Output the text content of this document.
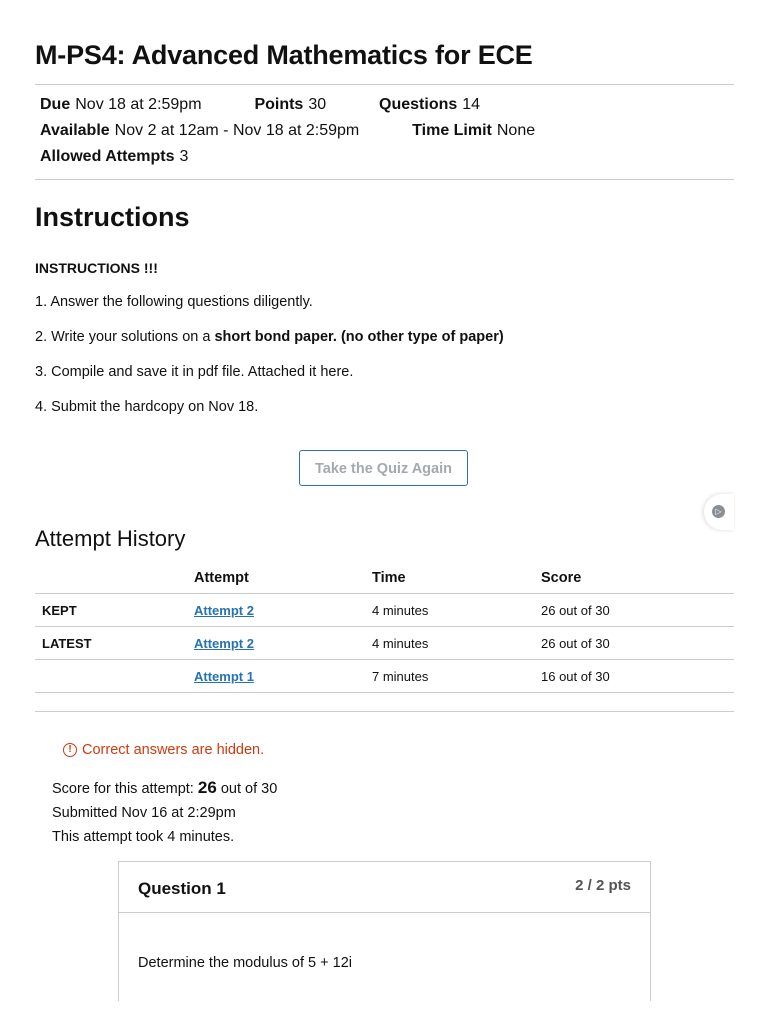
M-PS4: Advanced Mathematics for ECE
Due Nov 18 at 2:59pm	Points 30	Questions 14
Available Nov 2 at 12am - Nov 18 at 2:59pm	Time Limit None
Allowed Attempts 3
Instructions
INSTRUCTIONS !!!
1. Answer the following questions diligently.
2. Write your solutions on a short bond paper. (no other type of paper)
3. Compile and save it in pdf file. Attached it here.
4. Submit the hardcopy on Nov 18.
Take the Quiz Again
Attempt History
	Attempt	Time	Score
KEPT	Attempt 2	4 minutes	26 out of 30
LATEST	Attempt 2	4 minutes	26 out of 30
	Attempt 1	7 minutes	16 out of 30
! Correct answers are hidden.
Score for this attempt: 26 out of 30
Submitted Nov 16 at 2:29pm
This attempt took 4 minutes.
Question 1	2 / 2 pts
Determine the modulus of 5 + 12i
▷
